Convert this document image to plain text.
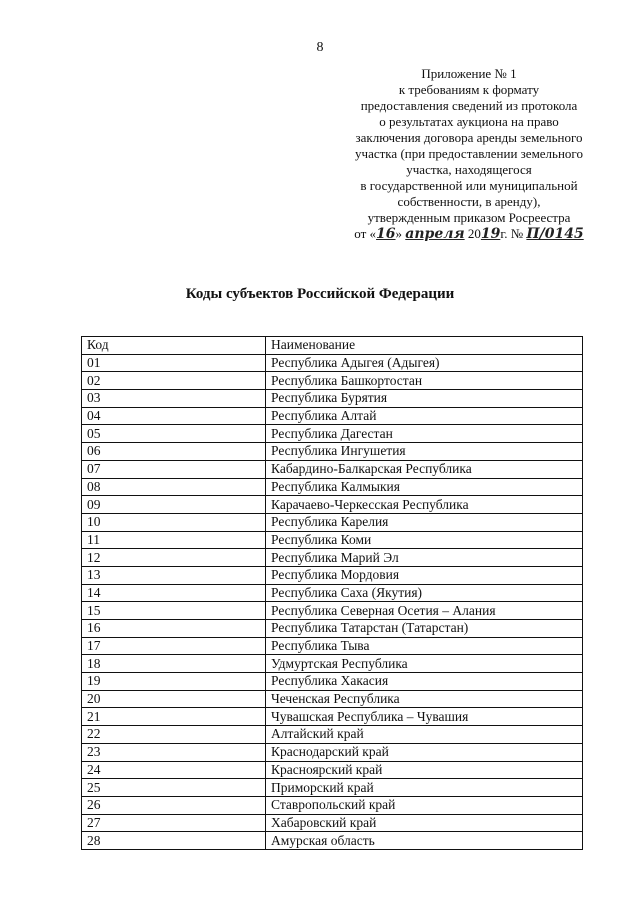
8
Приложение № 1
к требованиям к формату
предоставления сведений из протокола
о результатах аукциона на право
заключения договора аренды земельного
участка (при предоставлении земельного
участка, находящегося
в государственной или муниципальной
собственности, в аренду),
утвержденным приказом Росреестра
от «16» апреля 2019г. № П/0145
Коды субъектов Российской Федерации
Код	Наименование
01	Республика Адыгея (Адыгея)
02	Республика Башкортостан
03	Республика Бурятия
04	Республика Алтай
05	Республика Дагестан
06	Республика Ингушетия
07	Кабардино-Балкарская Республика
08	Республика Калмыкия
09	Карачаево-Черкесская Республика
10	Республика Карелия
11	Республика Коми
12	Республика Марий Эл
13	Республика Мордовия
14	Республика Саха (Якутия)
15	Республика Северная Осетия – Алания
16	Республика Татарстан (Татарстан)
17	Республика Тыва
18	Удмуртская Республика
19	Республика Хакасия
20	Чеченская Республика
21	Чувашская Республика – Чувашия
22	Алтайский край
23	Краснодарский край
24	Красноярский край
25	Приморский край
26	Ставропольский край
27	Хабаровский край
28	Амурская область
